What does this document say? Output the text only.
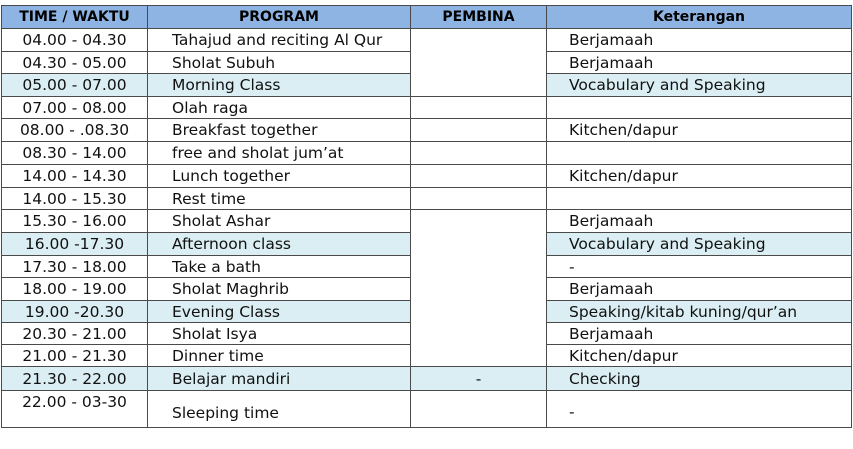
TIME / WAKTU	PROGRAM	PEMBINA	Keterangan
04.00 - 04.30	Tahajud and reciting Al Qur		Berjamaah
04.30 - 05.00	Sholat Subuh		Berjamaah
05.00 - 07.00	Morning Class		Vocabulary and Speaking
07.00 - 08.00	Olah raga		
08.00 - .08.30	Breakfast together		Kitchen/dapur
08.30 - 14.00	free and sholat jum’at		
14.00 - 14.30	Lunch together		Kitchen/dapur
14.00 - 15.30	Rest time		
15.30 - 16.00	Sholat Ashar		Berjamaah
16.00 -17.30	Afternoon class		Vocabulary and Speaking
17.30 - 18.00	Take a bath		-
18.00 - 19.00	Sholat Maghrib		Berjamaah
19.00 -20.30	Evening Class		Speaking/kitab kuning/qur’an
20.30 - 21.00	Sholat Isya		Berjamaah
21.00 - 21.30	Dinner time		Kitchen/dapur
21.30 - 22.00	Belajar mandiri	-	Checking
22.00 - 03-30	Sleeping time		-
